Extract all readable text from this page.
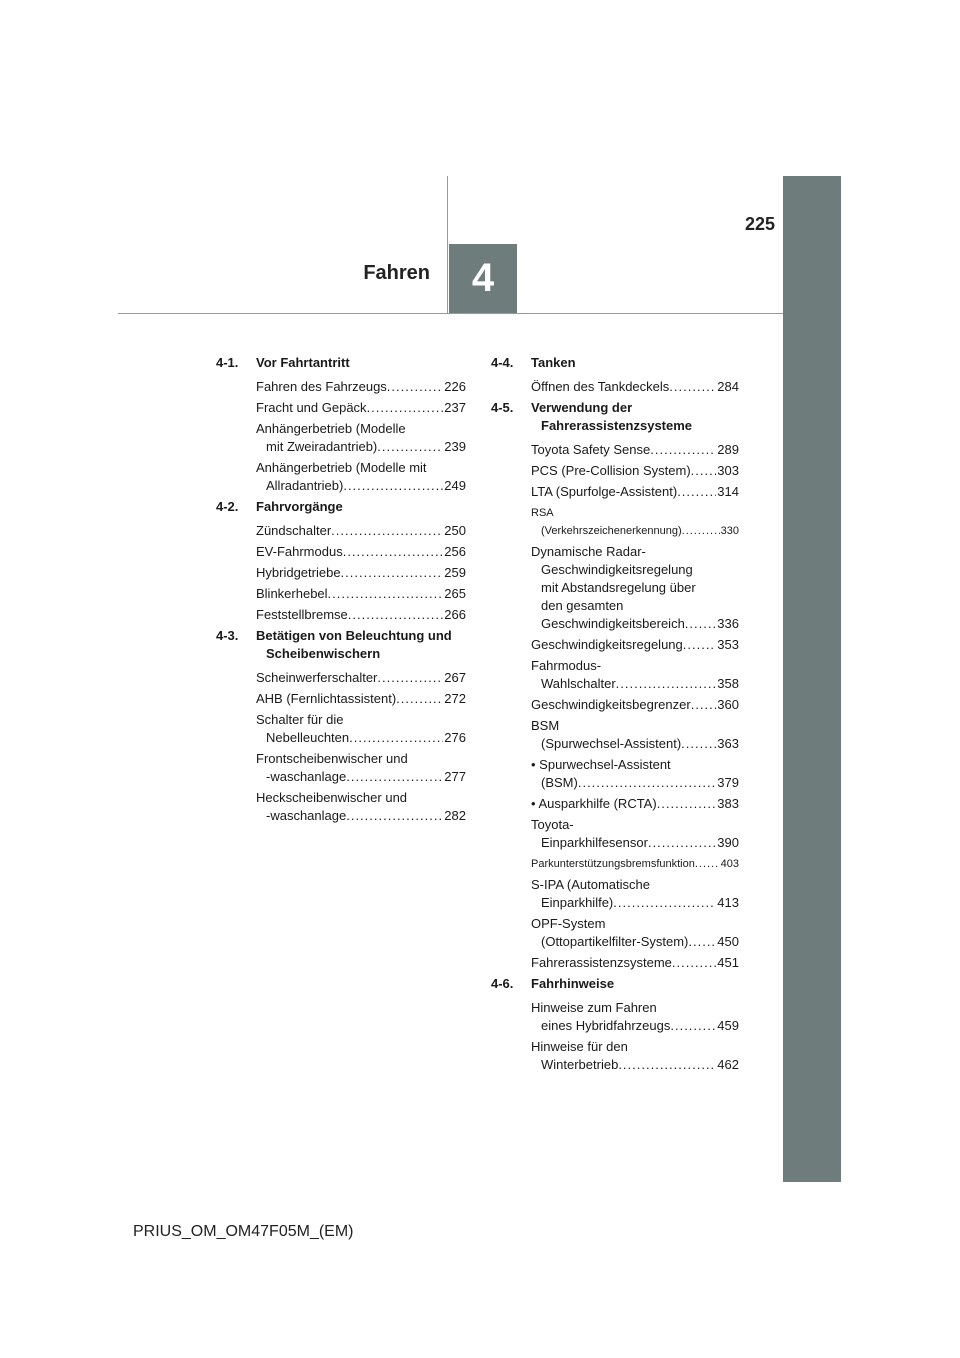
4
Fahren
225
4-1.	Vor Fahrtantritt
Fahren des Fahrzeugs .....	226
Fracht und Gepäck .....	237
Anhängerbetrieb (Modelle
mit Zweiradantrieb) .....	239
Anhängerbetrieb (Modelle mit
Allradantrieb) .....	249
4-2.	Fahrvorgänge
Zündschalter .....	250
EV-Fahrmodus .....	256
Hybridgetriebe .....	259
Blinkerhebel .....	265
Feststellbremse .....	266
4-3.	Betätigen von Beleuchtung und Scheibenwischern
Scheinwerferschalter .....	267
AHB (Fernlichtassistent) .....	272
Schalter für die
Nebelleuchten .....	276
Frontscheibenwischer und
-waschanlage .....	277
Heckscheibenwischer und
-waschanlage .....	282
4-4.	Tanken
Öffnen des Tankdeckels .....	284
4-5.	Verwendung der Fahrerassistenzsysteme
Toyota Safety Sense .....	289
PCS (Pre-Collision System) ..... 303
LTA (Spurfolge-Assistent) .....	314
RSA
(Verkehrszeichenerkennung) .....	330
Dynamische Radar-
Geschwindigkeitsregelung
mit Abstandsregelung über
den gesamten
Geschwindigkeitsbereich .....	336
Geschwindigkeitsregelung .....	353
Fahrmodus-
Wahlschalter .....	358
Geschwindigkeitsbegrenzer ..... 360
BSM
(Spurwechsel-Assistent) .....	363
• Spurwechsel-Assistent
(BSM) .....	379
• Ausparkhilfe (RCTA) .....	383
Toyota-
Einparkhilfesensor .....	390
Parkunterstützungsbremsfunktion ..... 403
S-IPA (Automatische
Einparkhilfe) .....	413
OPF-System
(Ottopartikelfilter-System) ..... 450
Fahrerassistenzsysteme .....	451
4-6.	Fahrhinweise
Hinweise zum Fahren
eines Hybridfahrzeugs .....	459
Hinweise für den
Winterbetrieb .....	462
PRIUS_OM_OM47F05M_(EM)
